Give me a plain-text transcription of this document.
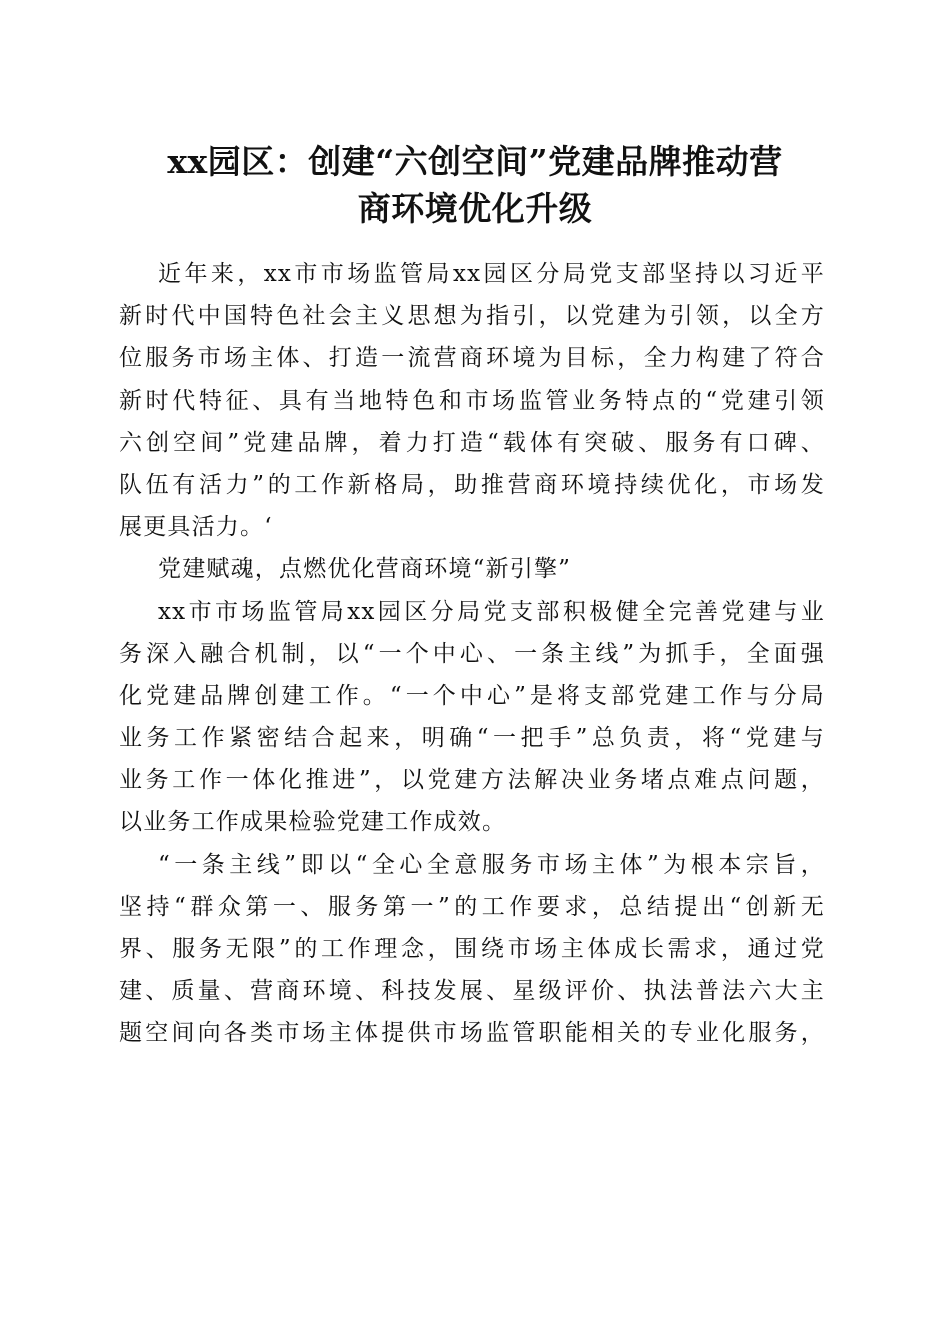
xx园区：创建“六创空间”党建品牌推动营
商环境优化升级
近年来，xx市市场监管局xx园区分局党支部坚持以习近平
新时代中国特色社会主义思想为指引，以党建为引领，以全方
位服务市场主体、打造一流营商环境为目标，全力构建了符合
新时代特征、具有当地特色和市场监管业务特点的“党建引领
六创空间”党建品牌，着力打造“载体有突破、服务有口碑、
队伍有活力”的工作新格局，助推营商环境持续优化，市场发
展更具活力。‘
党建赋魂，点燃优化营商环境“新引擎”
xx市市场监管局xx园区分局党支部积极健全完善党建与业
务深入融合机制，以“一个中心、一条主线”为抓手，全面强
化党建品牌创建工作。“一个中心”是将支部党建工作与分局
业务工作紧密结合起来，明确“一把手”总负责，将“党建与
业务工作一体化推进”，以党建方法解决业务堵点难点问题，
以业务工作成果检验党建工作成效。
“一条主线”即以“全心全意服务市场主体”为根本宗旨，
坚持“群众第一、服务第一”的工作要求，总结提出“创新无
界、服务无限”的工作理念，围绕市场主体成长需求，通过党
建、质量、营商环境、科技发展、星级评价、执法普法六大主
题空间向各类市场主体提供市场监管职能相关的专业化服务，
